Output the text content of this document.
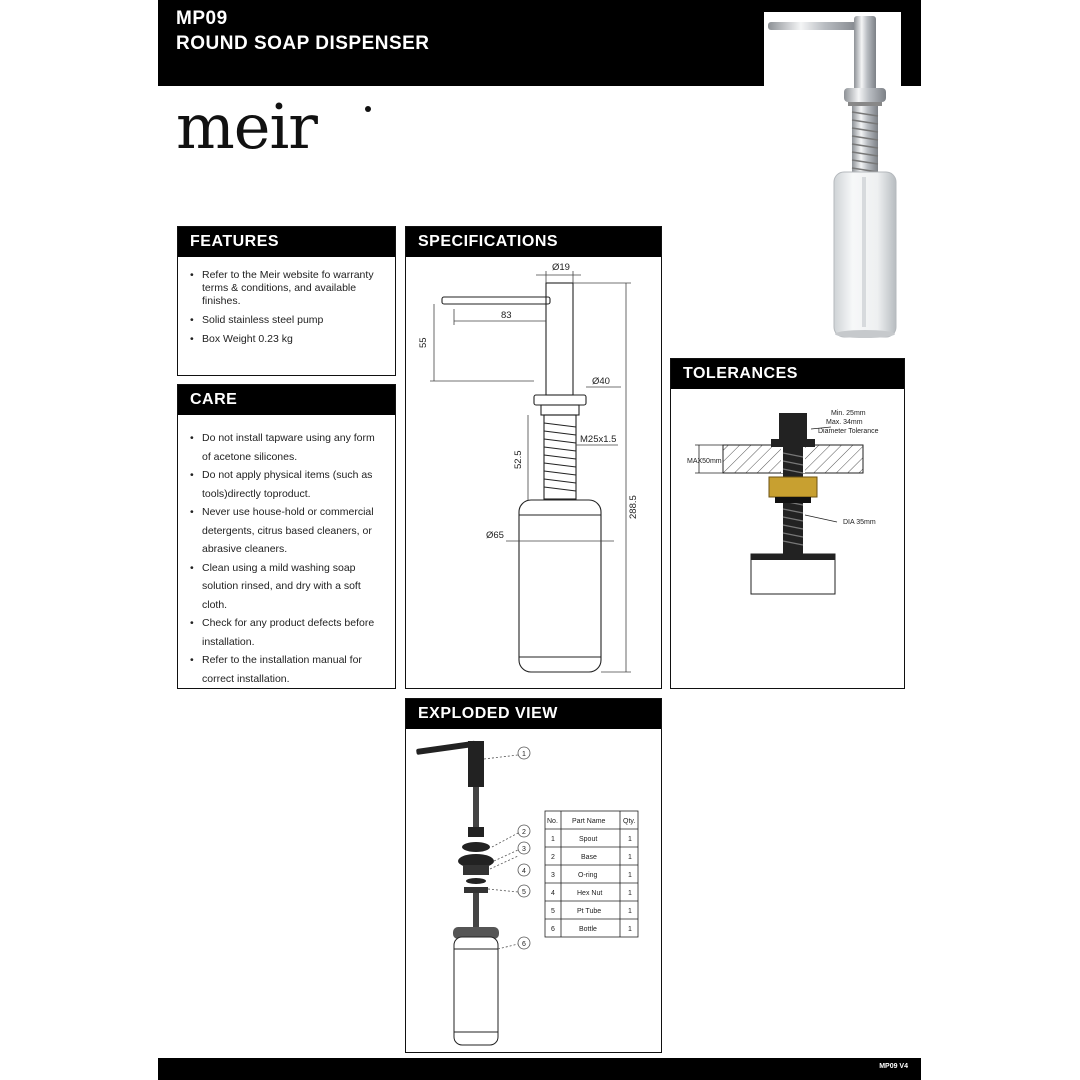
MP09
ROUND SOAP DISPENSER
meir
FEATURES
• Refer to the Meir website fo warranty terms & conditions, and available finishes.
• Solid stainless steel pump
• Box Weight 0.23 kg
CARE
• Do not install tapware using any form of acetone silicones.
• Do not apply physical items (such as tools)directly toproduct.
• Never use house-hold or commercial detergents, citrus based cleaners, or abrasive cleaners.
• Clean using a mild washing soap solution rinsed, and dry with a soft cloth.
• Check for any product defects before installation.
• Refer to the installation manual for correct installation.
SPECIFICATIONS
Ø19
83
55
Ø40
M25x1.5
52.5
288.5
Ø65
TOLERANCES
Min. 25mm
Max. 34mm
Diameter Tolerance
MAX50mm
DIA 35mm
EXPLODED VIEW
1
2
3
4
5
6
No. Part Name	Qty.
1	Spout	1
2	Base	1
3	O-ring	1
4	Hex Nut	1
5	Pt Tube	1
6	Bottle	1
MP09 V4
